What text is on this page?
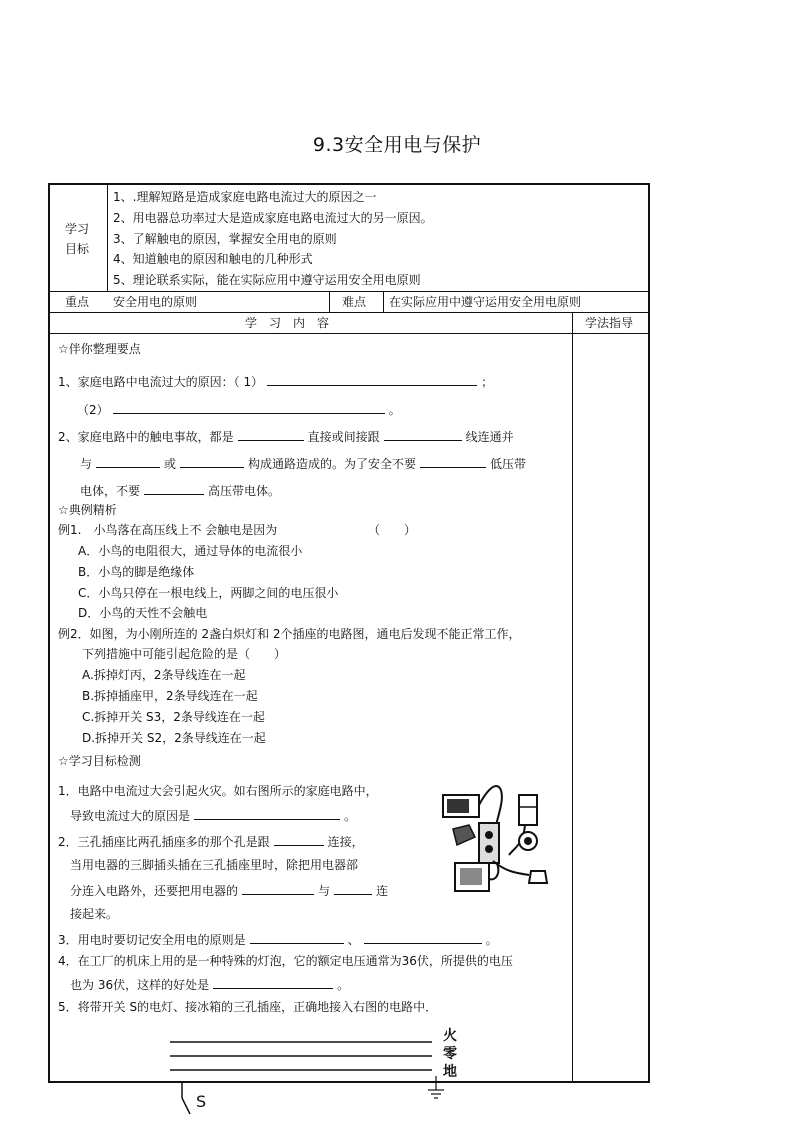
9.3安全用电与保护
学习
目标
1、.理解短路是造成家庭电路电流过大的原因之一
2、用电器总功率过大是造成家庭电路电流过大的另一原因。
3、了解触电的原因，掌握安全用电的原则
4、知道触电的原因和触电的几种形式
5、理论联系实际，能在实际应用中遵守运用安全用电原则
重点 安全用电的原则	难点 在实际应用中遵守运用安全用电原则
学　习　内　容	学法指导
☆伴你整理要点
1、家庭电路中电流过大的原因：（ 1）	；
（2）	。
2、家庭电路中的触电事故，都是	直接或间接跟	线连通并
与	或	构成通路造成的。为了安全不要	低压带
电体，不要	高压带电体。
☆典例精析
例1.　小鸟落在高压线上不 会触电是因为	（　　）
A．小鸟的电阻很大，通过导体的电流很小
B．小鸟的脚是绝缘体
C．小鸟只停在一根电线上，两脚之间的电压很小
D．小鸟的天性不会触电
例2．如图，为小刚所连的 2盏白炽灯和 2个插座的电路图，通电后发现不能正常工作，
下列措施中可能引起危险的是（　　）
A.拆掉灯丙，2条导线连在一起
B.拆掉插座甲，2条导线连在一起
C.拆掉开关 S3，2条导线连在一起
D.拆掉开关 S2，2条导线连在一起
☆学习目标检测
1．电路中电流过大会引起火灾。如右图所示的家庭电路中，
导致电流过大的原因是	。
2．三孔插座比两孔插座多的那个孔是跟	连接，
当用电器的三脚插头插在三孔插座里时，除把用电器部
分连入电路外，还要把用电器的	与	连
接起来。
3．用电时要切记安全用电的原则是	、	。
4．在工厂的机床上用的是一种特殊的灯泡，它的额定电压通常为36伏，所提供的电压
也为 36伏，这样的好处是	。
5．将带开关 S的电灯、接冰箱的三孔插座，正确地接入右图的电路中．
火
零
地
S
